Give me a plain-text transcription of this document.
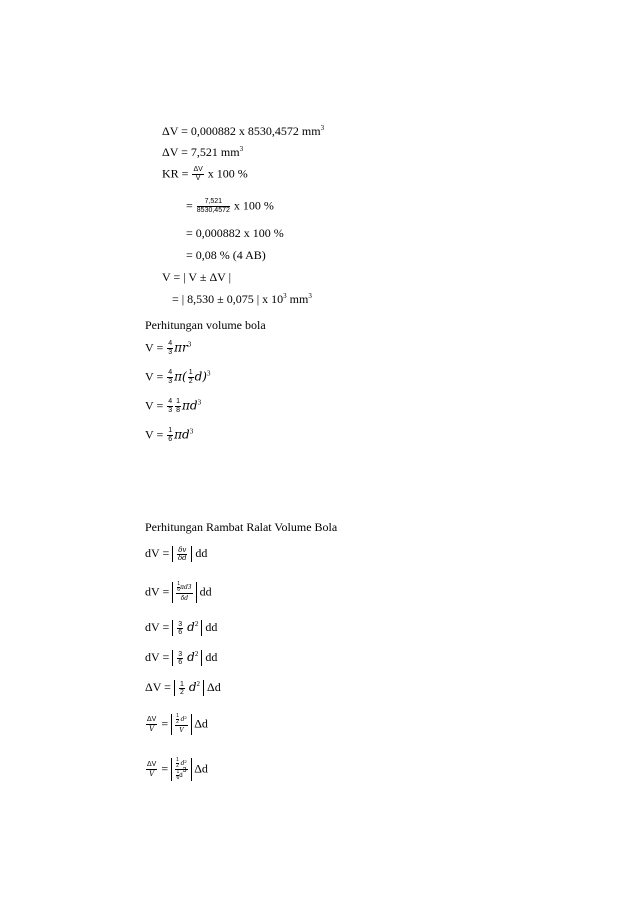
ΔV = 0,000882 x 8530,4572 $mm^3$
ΔV = 7,521 $mm^3$
KR = $\frac{\Delta V}{V}$ x 100 %
= $\frac{7,521}{8530,4572}$ x 100 %
= 0,000882 x 100 %
= 0,08 % (4 AB)
V = | V ± ΔV |
= | 8,530 ± 0,075 | x $10^3$ $mm^3$
Perhitungan volume bola
$V = \frac{4}{3} \pi r^3$
$V = \frac{4}{3} \pi( \frac{1}{2} d)^3$
$V = \frac{4}{3} \frac{1}{8} \pi d^3$
$V = \frac{1}{6} \pi d^3$
Perhitungan Rambat Ralat Volume Bola
dV = $\frac{\delta v}{\delta d}$ dd
dV = $\frac{\frac{1}{6} \pi d3}{\delta d}$ dd
dV = $\frac{3}{6} d^2$ dd
dV = $\frac{3}{6} d^2$ dd
$\Delta V = \frac{1}{2} d^2$ Δd
$\frac{\Delta V}{V} = \frac{\frac{1}{2} d^2}{V}$ Δd
$\frac{\Delta V}{V} = \frac{\frac{1}{2} d^2}{\frac{1}{6} d^3}$ Δd
